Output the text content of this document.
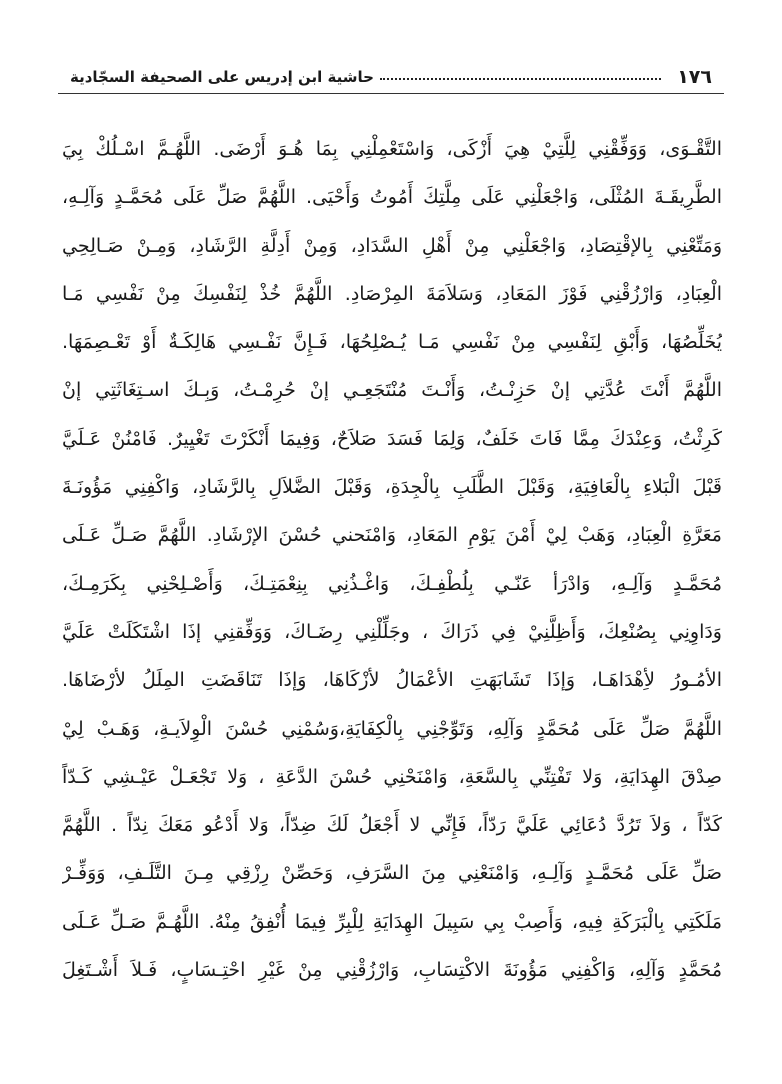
١٧٦
حاشية ابن إدريس على الصحيفة السجّادية
التَّقْـوَى، وَوَفِّقْنِي لِلَّتِيْ هِيَ أَزْكَى، وَاسْتَعْمِلْنِي بِمَا هُـوَ أَرْضَى. اللَّهُـمَّ اسْـلُكْ بِيَ
الطَّرِيقَـةَ المُثْلَى، وَاجْعَلْنِي عَلَى مِلَّتِكَ أَمُوتُ وَأَحْيَى. اللَّهُمَّ صَلِّ عَلَى مُحَمَّـدٍ وَآلِـهِ،
وَمَتِّعْنِي بِالإقْتِصَادِ، وَاجْعَلْنِي مِنْ أَهْلِ السَّدَادِ، وَمِنْ أَدِلَّةِ الرَّشَادِ، وَمِـنْ صَـالِحِي
الْعِبَادِ، وَارْزُقْنِي فَوْزَ المَعَادِ، وَسَلاَمَةَ المِرْصَادِ. اللَّهُمَّ خُذْ لِنَفْسِكَ مِنْ نَفْسِي مَـا
يُخَلِّصُهَا، وَأَبْقِ لِنَفْسِي مِنْ نَفْسِي مَـا يُـصْلِحُهَا، فَـإِنَّ نَفْـسِي هَالِكَـةٌ أَوْ تَعْـصِمَهَا.
اللَّهُمَّ أَنْتَ عُدَّتِي إنْ حَزِنْـتُ، وَأَنْـتَ مُنْتَجَعِـي إنْ حُرِمْـتُ، وَبِـكَ اسـتِغَاثَتِي إنْ
كَرِثْتُ، وَعِنْدَكَ مِمَّا فَاتَ خَلَفٌ، وَلِمَا فَسَدَ صَلاَحٌ، وَفِيمَا أَنْكَرْتَ تَغْيِيرٌ. فَامْنُنْ عَـلَيَّ
قَبْلَ الْبَلاءِ بِالْعَافِيَةِ، وَقَبْلَ الطَّلَبِ بِالْجِدَةِ، وَقَبْلَ الضَّلاَلِ بِالرَّشَادِ، وَاكْفِنِي مَؤُونَـةَ
مَعَرَّةِ الْعِبَادِ، وَهَبْ لِيْ أَمْنَ يَوْمِ المَعَادِ، وَامْنَحني حُسْنَ الإرْشَادِ. اللَّهُمَّ صَـلِّ عَـلَى
مُحَمَّـدٍ وَآلِـهِ، وَادْرَأ عَنّـي بِلُطْفِـكَ، وَاغْـذُنِي بِنِعْمَتِـكَ، وَأَصْـلِحْنِي بِكَرَمِـكَ،
وَدَاوِنِي بِصُنْعِكَ، وَأَظِلَّنِيْ فِي ذَرَاكَ ، وجَلِّلْنِي رِضَـاكَ، وَوَفِّقنِي إذَا اشْتَكَلَتْ عَلَيَّ
الأمُـورُ لأِهْدَاهَـا، وَإذَا تَشَابَهَتِ الأعْمَالُ لأزْكَاهَا، وَإذَا تَنَاقَضَتِ المِلَلُ لأرْضَاهَا.
اللَّهُمَّ صَلِّ عَلَى مُحَمَّدٍ وَآلِهِ، وَتَوِّجْنِي بِالْكِفَايَةِ،وَسُمْنِي حُسْنَ الْوِلاَيـةِ، وَهَـبْ لِيْ
صِدْقَ الهِدَايَةِ، وَلا تَفْتِنِّي بِالسَّعَةِ، وَامْنَحْنِي حُسْنَ الدَّعَةِ ، وَلا تَجْعَـلْ عَيْـشِي كَـدّاً
كَدّاً ، وَلاَ تَرُدَّ دُعَائِي عَلَيَّ رَدّاً، فَإِنِّي لا أَجْعَلُ لَكَ ضِدّاً، وَلا أَدْعُو مَعَكَ نِدّاً . اللَّهُمَّ
صَلِّ عَلَى مُحَمَّـدٍ وَآلِـهِ، وَامْنَعْنِي مِنَ السَّرَفِ، وَحَصِّنْ رِزْقِي مِـنَ التَّلَـفِ، وَوَفِّـرْ
مَلَكَتِي بِالْبَرَكَةِ فِيهِ، وَأَصِبْ بِي سَبِيلَ الهِدَايَةِ لِلْبِرِّ فِيمَا أُنْفِقُ مِنْهُ. اللَّهُـمَّ صَـلِّ عَـلَى
مُحَمَّدٍ وَآلِهِ، وَاكْفِنِي مَؤُونَةَ الاكْتِسَابِ، وَارْزُقْنِي مِنْ غَيْرِ احْتِـسَابٍ، فَـلاَ أَشْـتَغِلَ
